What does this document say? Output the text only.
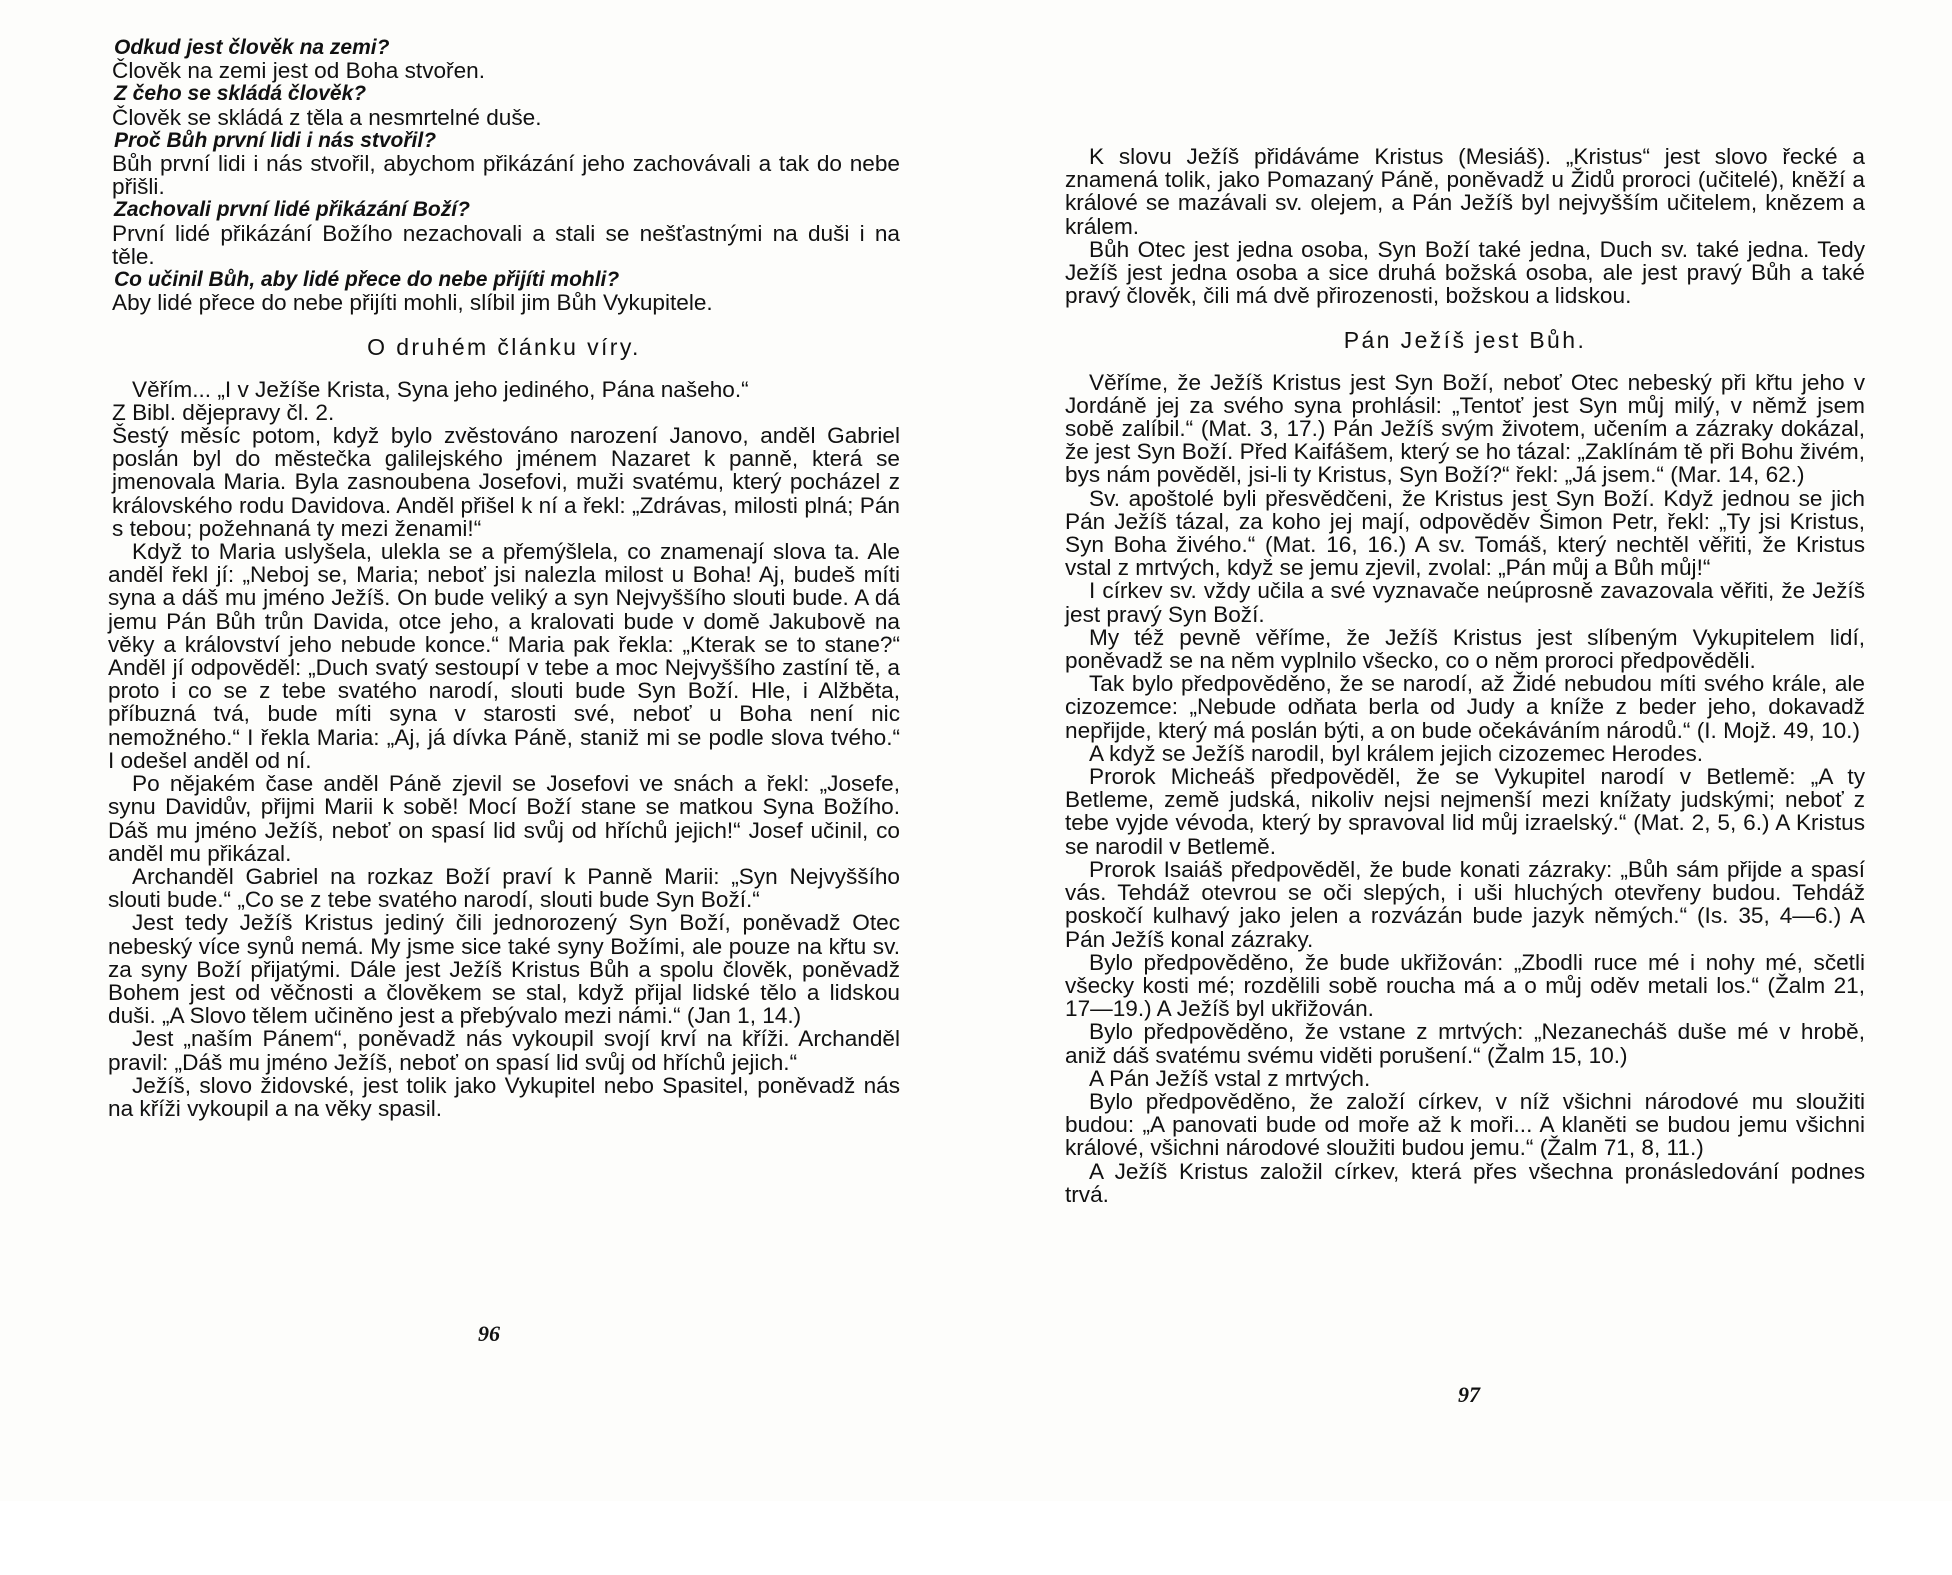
Odkud jest člověk na zemi?

Člověk na zemi jest od Boha stvořen.

Z čeho se skládá člověk?

Člověk se skládá z těla a nesmrtelné duše.

Proč Bůh první lidi i nás stvořil?

Bůh první lidi i nás stvořil, abychom přikázání jeho zachovávali a tak do nebe přišli.

Zachovali první lidé přikázání Boží?

První lidé přikázání Božího nezachovali a stali se nešťastnými na duši i na těle.

Co učinil Bůh, aby lidé přece do nebe přijíti mohli?

Aby lidé přece do nebe přijíti mohli, slíbil jim Bůh Vykupitele.

O druhém článku víry.

Věřím... „I v Ježíše Krista, Syna jeho jediného, Pána našeho.“

Z Bibl. dějepravy čl. 2.

Šestý měsíc potom, když bylo zvěstováno narození Janovo, anděl Gabriel poslán byl do městečka galilejského jménem Nazaret k panně, která se jmenovala Maria. Byla zasnoubena Josefovi, muži svatému, který pocházel z královského rodu Davidova. Anděl přišel k ní a řekl: „Zdrávas, milosti plná; Pán s tebou; požehnaná ty mezi ženami!“

Když to Maria uslyšela, ulekla se a přemýšlela, co znamenají slova ta. Ale anděl řekl jí: „Neboj se, Maria; neboť jsi nalezla milost u Boha! Aj, budeš míti syna a dáš mu jméno Ježíš. On bude veliký a syn Nejvyššího slouti bude. A dá jemu Pán Bůh trůn Davida, otce jeho, a kralovati bude v domě Jakubově na věky a království jeho nebude konce.“ Maria pak řekla: „Kterak se to stane?“ Anděl jí odpověděl: „Duch svatý sestoupí v tebe a moc Nejvyššího zastíní tě, a proto i co se z tebe svatého narodí, slouti bude Syn Boží. Hle, i Alžběta, příbuzná tvá, bude míti syna v starosti své, neboť u Boha není nic nemožného.“ I řekla Maria: „Aj, já dívka Páně, staniž mi se podle slova tvého.“ I odešel anděl od ní.

Po nějakém čase anděl Páně zjevil se Josefovi ve snách a řekl: „Josefe, synu Davidův, přijmi Marii k sobě! Mocí Boží stane se matkou Syna Božího. Dáš mu jméno Ježíš, neboť on spasí lid svůj od hříchů jejich!“ Josef učinil, co anděl mu přikázal.

Archanděl Gabriel na rozkaz Boží praví k Panně Marii: „Syn Nejvyššího slouti bude.“ „Co se z tebe svatého narodí, slouti bude Syn Boží.“

Jest tedy Ježíš Kristus jediný čili jednorozený Syn Boží, poněvadž Otec nebeský více synů nemá. My jsme sice také syny Božími, ale pouze na křtu sv. za syny Boží přijatými. Dále jest Ježíš Kristus Bůh a spolu člověk, poněvadž Bohem jest od věčnosti a člověkem se stal, když přijal lidské tělo a lidskou duši. „A Slovo tělem učiněno jest a přebývalo mezi námi.“ (Jan 1, 14.)

Jest „naším Pánem“, poněvadž nás vykoupil svojí krví na kříži. Archanděl pravil: „Dáš mu jméno Ježíš, neboť on spasí lid svůj od hříchů jejich.“

Ježíš, slovo židovské, jest tolik jako Vykupitel nebo Spasitel, poněvadž nás na kříži vykoupil a na věky spasil.

96

K slovu Ježíš přidáváme Kristus (Mesiáš). „Kristus“ jest slovo řecké a znamená tolik, jako Pomazaný Páně, poněvadž u Židů proroci (učitelé), kněží a králové se mazávali sv. olejem, a Pán Ježíš byl nejvyšším učitelem, knězem a králem.

Bůh Otec jest jedna osoba, Syn Boží také jedna, Duch sv. také jedna. Tedy Ježíš jest jedna osoba a sice druhá božská osoba, ale jest pravý Bůh a také pravý člověk, čili má dvě přirozenosti, božskou a lidskou.

Pán Ježíš jest Bůh.

Věříme, že Ježíš Kristus jest Syn Boží, neboť Otec nebeský při křtu jeho v Jordáně jej za svého syna prohlásil: „Tentoť jest Syn můj milý, v němž jsem sobě zalíbil.“ (Mat. 3, 17.) Pán Ježíš svým životem, učením a zázraky dokázal, že jest Syn Boží. Před Kaifášem, který se ho tázal: „Zaklínám tě při Bohu živém, bys nám pověděl, jsi-li ty Kristus, Syn Boží?“ řekl: „Já jsem.“ (Mar. 14, 62.)

Sv. apoštolé byli přesvědčeni, že Kristus jest Syn Boží. Když jednou se jich Pán Ježíš tázal, za koho jej mají, odpověděv Šimon Petr, řekl: „Ty jsi Kristus, Syn Boha živého.“ (Mat. 16, 16.) A sv. Tomáš, který nechtěl věřiti, že Kristus vstal z mrtvých, když se jemu zjevil, zvolal: „Pán můj a Bůh můj!“

I církev sv. vždy učila a své vyznavače neúprosně zavazovala věřiti, že Ježíš jest pravý Syn Boží.

My též pevně věříme, že Ježíš Kristus jest slíbeným Vykupitelem lidí, poněvadž se na něm vyplnilo všecko, co o něm proroci předpověděli.

Tak bylo předpověděno, že se narodí, až Židé nebudou míti svého krále, ale cizozemce: „Nebude odňata berla od Judy a kníže z beder jeho, dokavadž nepřijde, který má poslán býti, a on bude očekáváním národů.“ (I. Mojž. 49, 10.)

A když se Ježíš narodil, byl králem jejich cizozemec Herodes.

Prorok Micheáš předpověděl, že se Vykupitel narodí v Betlemě: „A ty Betleme, země judská, nikoliv nejsi nejmenší mezi knížaty judskými; neboť z tebe vyjde vévoda, který by spravoval lid můj izraelský.“ (Mat. 2, 5, 6.) A Kristus se narodil v Betlemě.

Prorok Isaiáš předpověděl, že bude konati zázraky: „Bůh sám přijde a spasí vás. Tehdáž otevrou se oči slepých, i uši hluchých otevřeny budou. Tehdáž poskočí kulhavý jako jelen a rozvázán bude jazyk němých.“ (Is. 35, 4—6.) A Pán Ježíš konal zázraky.

Bylo předpověděno, že bude ukřižován: „Zbodli ruce mé i nohy mé, sčetli všecky kosti mé; rozdělili sobě roucha má a o můj oděv metali los.“ (Žalm 21, 17—19.) A Ježíš byl ukřižován.

Bylo předpověděno, že vstane z mrtvých: „Nezanecháš duše mé v hrobě, aniž dáš svatému svému viděti porušení.“ (Žalm 15, 10.)

A Pán Ježíš vstal z mrtvých.

Bylo předpověděno, že založí církev, v níž všichni národové mu sloužiti budou: „A panovati bude od moře až k moři... A klaněti se budou jemu všichni králové, všichni národové sloužiti budou jemu.“ (Žalm 71, 8, 11.)

A Ježíš Kristus založil církev, která přes všechna pronásledování podnes trvá.

97
